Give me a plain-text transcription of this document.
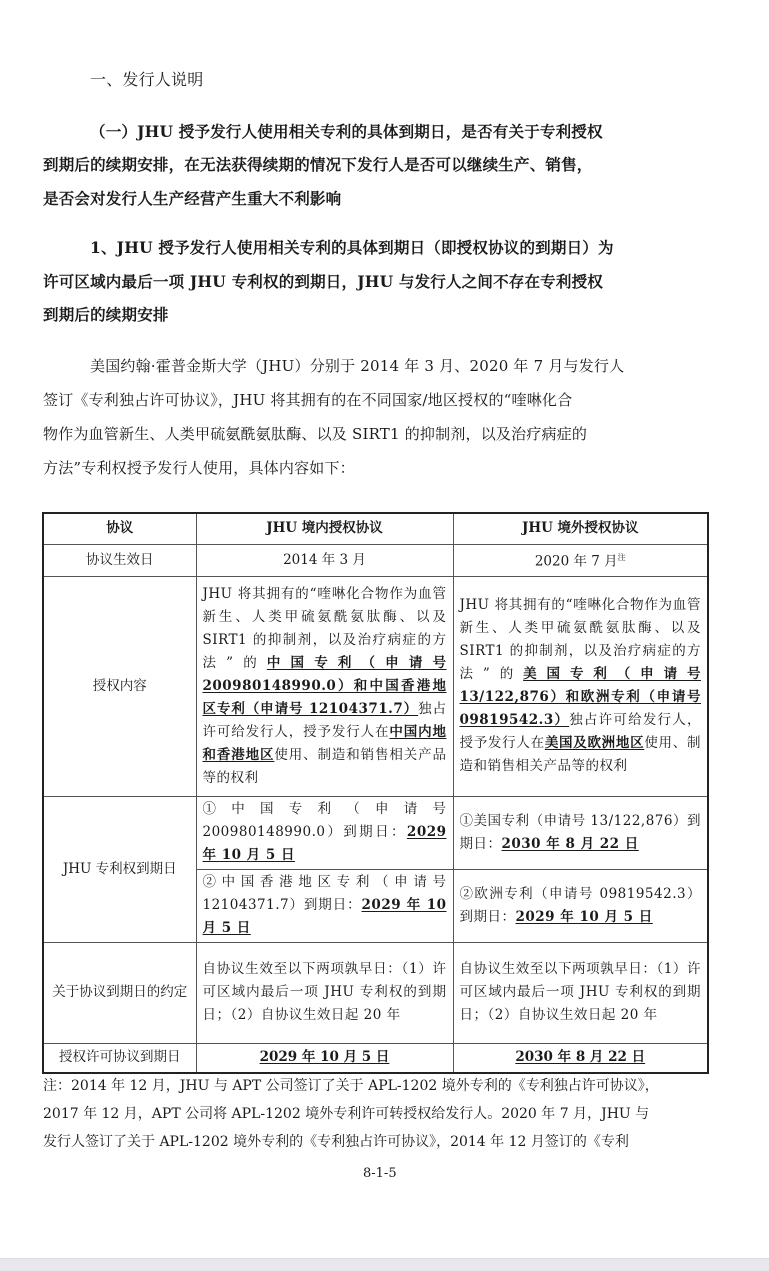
一、发行人说明
（一）JHU 授予发行人使用相关专利的具体到期日，是否有关于专利授权
到期后的续期安排，在无法获得续期的情况下发行人是否可以继续生产、销售，
是否会对发行人生产经营产生重大不利影响
1、JHU 授予发行人使用相关专利的具体到期日（即授权协议的到期日）为
许可区域内最后一项 JHU 专利权的到期日，JHU 与发行人之间不存在专利授权
到期后的续期安排
美国约翰·霍普金斯大学（JHU）分别于 2014 年 3 月、2020 年 7 月与发行人
签订《专利独占许可协议》，JHU 将其拥有的在不同国家/地区授权的“喹啉化合
物作为血管新生、人类甲硫氨酰氨肽酶、以及 SIRT1 的抑制剂，以及治疗病症的
方法”专利权授予发行人使用，具体内容如下：
协议	JHU 境内授权协议	JHU 境外授权协议
协议生效日	2014 年 3 月	2020 年 7 月$^注$
授权内容	JHU 将其拥有的“喹啉化合物作为血管新生、人类甲硫氨酰氨肽酶、以及 SIRT1 的抑制剂，以及治疗病症的方法”的中国专利（申请号 200980148990.0）和中国香港地区专利（申请号 12104371.7）独占许可给发行人，授予发行人在中国内地和香港地区使用、制造和销售相关产品等的权利	JHU 将其拥有的“喹啉化合物作为血管新生、人类甲硫氨酰氨肽酶、以及 SIRT1 的抑制剂，以及治疗病症的方法”的美国专利（申请号 13/122,876）和欧洲专利（申请号 09819542.3）独占许可给发行人，授予发行人在美国及欧洲地区使用、制造和销售相关产品等的权利
JHU 专利权到期日	① 中 国 专 利 （ 申 请 号 200980148990.0）到期日：2029 年 10 月 5 日	①美国专利（申请号 13/122,876）到期日：2030 年 8 月 22 日
	②中国香港地区专利（申请号 12104371.7）到期日：2029 年 10 月 5 日	②欧洲专利（申请号 09819542.3）到期日：2029 年 10 月 5 日
关于协议到期日的约定	自协议生效至以下两项孰早日：（1）许可区域内最后一项 JHU 专利权的到期日；（2）自协议生效日起 20 年	自协议生效至以下两项孰早日：（1）许可区域内最后一项 JHU 专利权的到期日；（2）自协议生效日起 20 年
授权许可协议到期日	2029 年 10 月 5 日	2030 年 8 月 22 日
注：2014 年 12 月，JHU 与 APT 公司签订了关于 APL-1202 境外专利的《专利独占许可协议》，
2017 年 12 月，APT 公司将 APL-1202 境外专利许可转授权给发行人。2020 年 7 月，JHU 与
发行人签订了关于 APL-1202 境外专利的《专利独占许可协议》，2014 年 12 月签订的《专利
8-1-5
